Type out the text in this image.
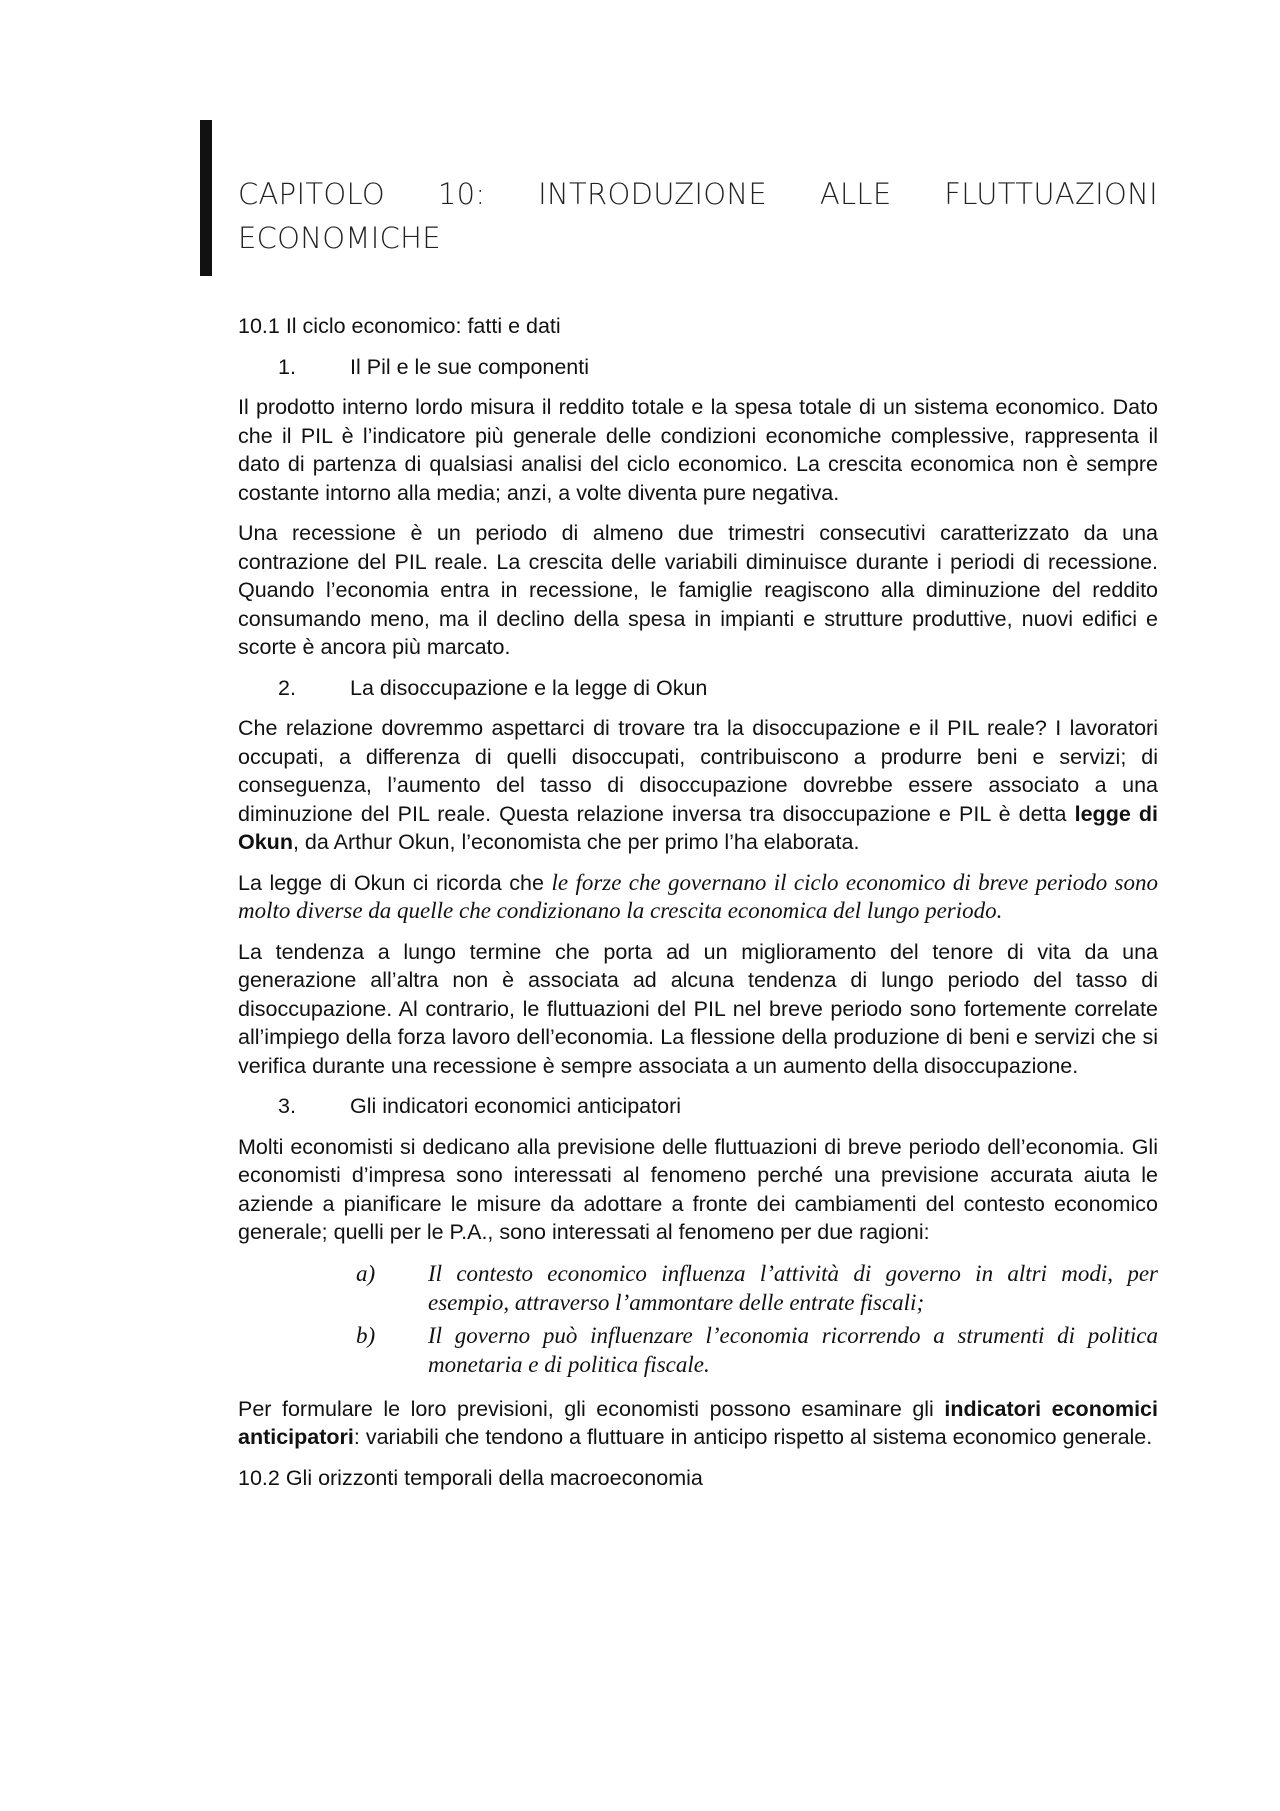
CAPITOLO 10: INTRODUZIONE ALLE FLUTTUAZIONI
ECONOMICHE
10.1 Il ciclo economico: fatti e dati
1.	Il Pil e le sue componenti

Il prodotto interno lordo misura il reddito totale e la spesa totale di un sistema economico. Dato che il PIL è l’indicatore più generale delle condizioni economiche complessive, rappresenta il dato di partenza di qualsiasi analisi del ciclo economico. La crescita economica non è sempre costante intorno alla media; anzi, a volte diventa pure negativa.

Una recessione è un periodo di almeno due trimestri consecutivi caratterizzato da una contrazione del PIL reale. La crescita delle variabili diminuisce durante i periodi di recessione. Quando l’economia entra in recessione, le famiglie reagiscono alla diminuzione del reddito consumando meno, ma il declino della spesa in impianti e strutture produttive, nuovi edifici e scorte è ancora più marcato.

2.	La disoccupazione e la legge di Okun

Che relazione dovremmo aspettarci di trovare tra la disoccupazione e il PIL reale? I lavoratori occupati, a differenza di quelli disoccupati, contribuiscono a produrre beni e servizi; di conseguenza, l’aumento del tasso di disoccupazione dovrebbe essere associato a una diminuzione del PIL reale. Questa relazione inversa tra disoccupazione e PIL è detta legge di Okun, da Arthur Okun, l’economista che per primo l’ha elaborata.

La legge di Okun ci ricorda che le forze che governano il ciclo economico di breve periodo sono molto diverse da quelle che condizionano la crescita economica del lungo periodo.

La tendenza a lungo termine che porta ad un miglioramento del tenore di vita da una generazione all’altra non è associata ad alcuna tendenza di lungo periodo del tasso di disoccupazione. Al contrario, le fluttuazioni del PIL nel breve periodo sono fortemente correlate all’impiego della forza lavoro dell’economia. La flessione della produzione di beni e servizi che si verifica durante una recessione è sempre associata a un aumento della disoccupazione.

3.	Gli indicatori economici anticipatori

Molti economisti si dedicano alla previsione delle fluttuazioni di breve periodo dell’economia. Gli economisti d’impresa sono interessati al fenomeno perché una previsione accurata aiuta le aziende a pianificare le misure da adottare a fronte dei cambiamenti del contesto economico generale; quelli per le P.A., sono interessati al fenomeno per due ragioni:

a)	Il contesto economico influenza l’attività di governo in altri modi, per esempio, attraverso l’ammontare delle entrate fiscali;
b)	Il governo può influenzare l’economia ricorrendo a strumenti di politica monetaria e di politica fiscale.

Per formulare le loro previsioni, gli economisti possono esaminare gli indicatori economici anticipatori: variabili che tendono a fluttuare in anticipo rispetto al sistema economico generale.

10.2 Gli orizzonti temporali della macroeconomia
